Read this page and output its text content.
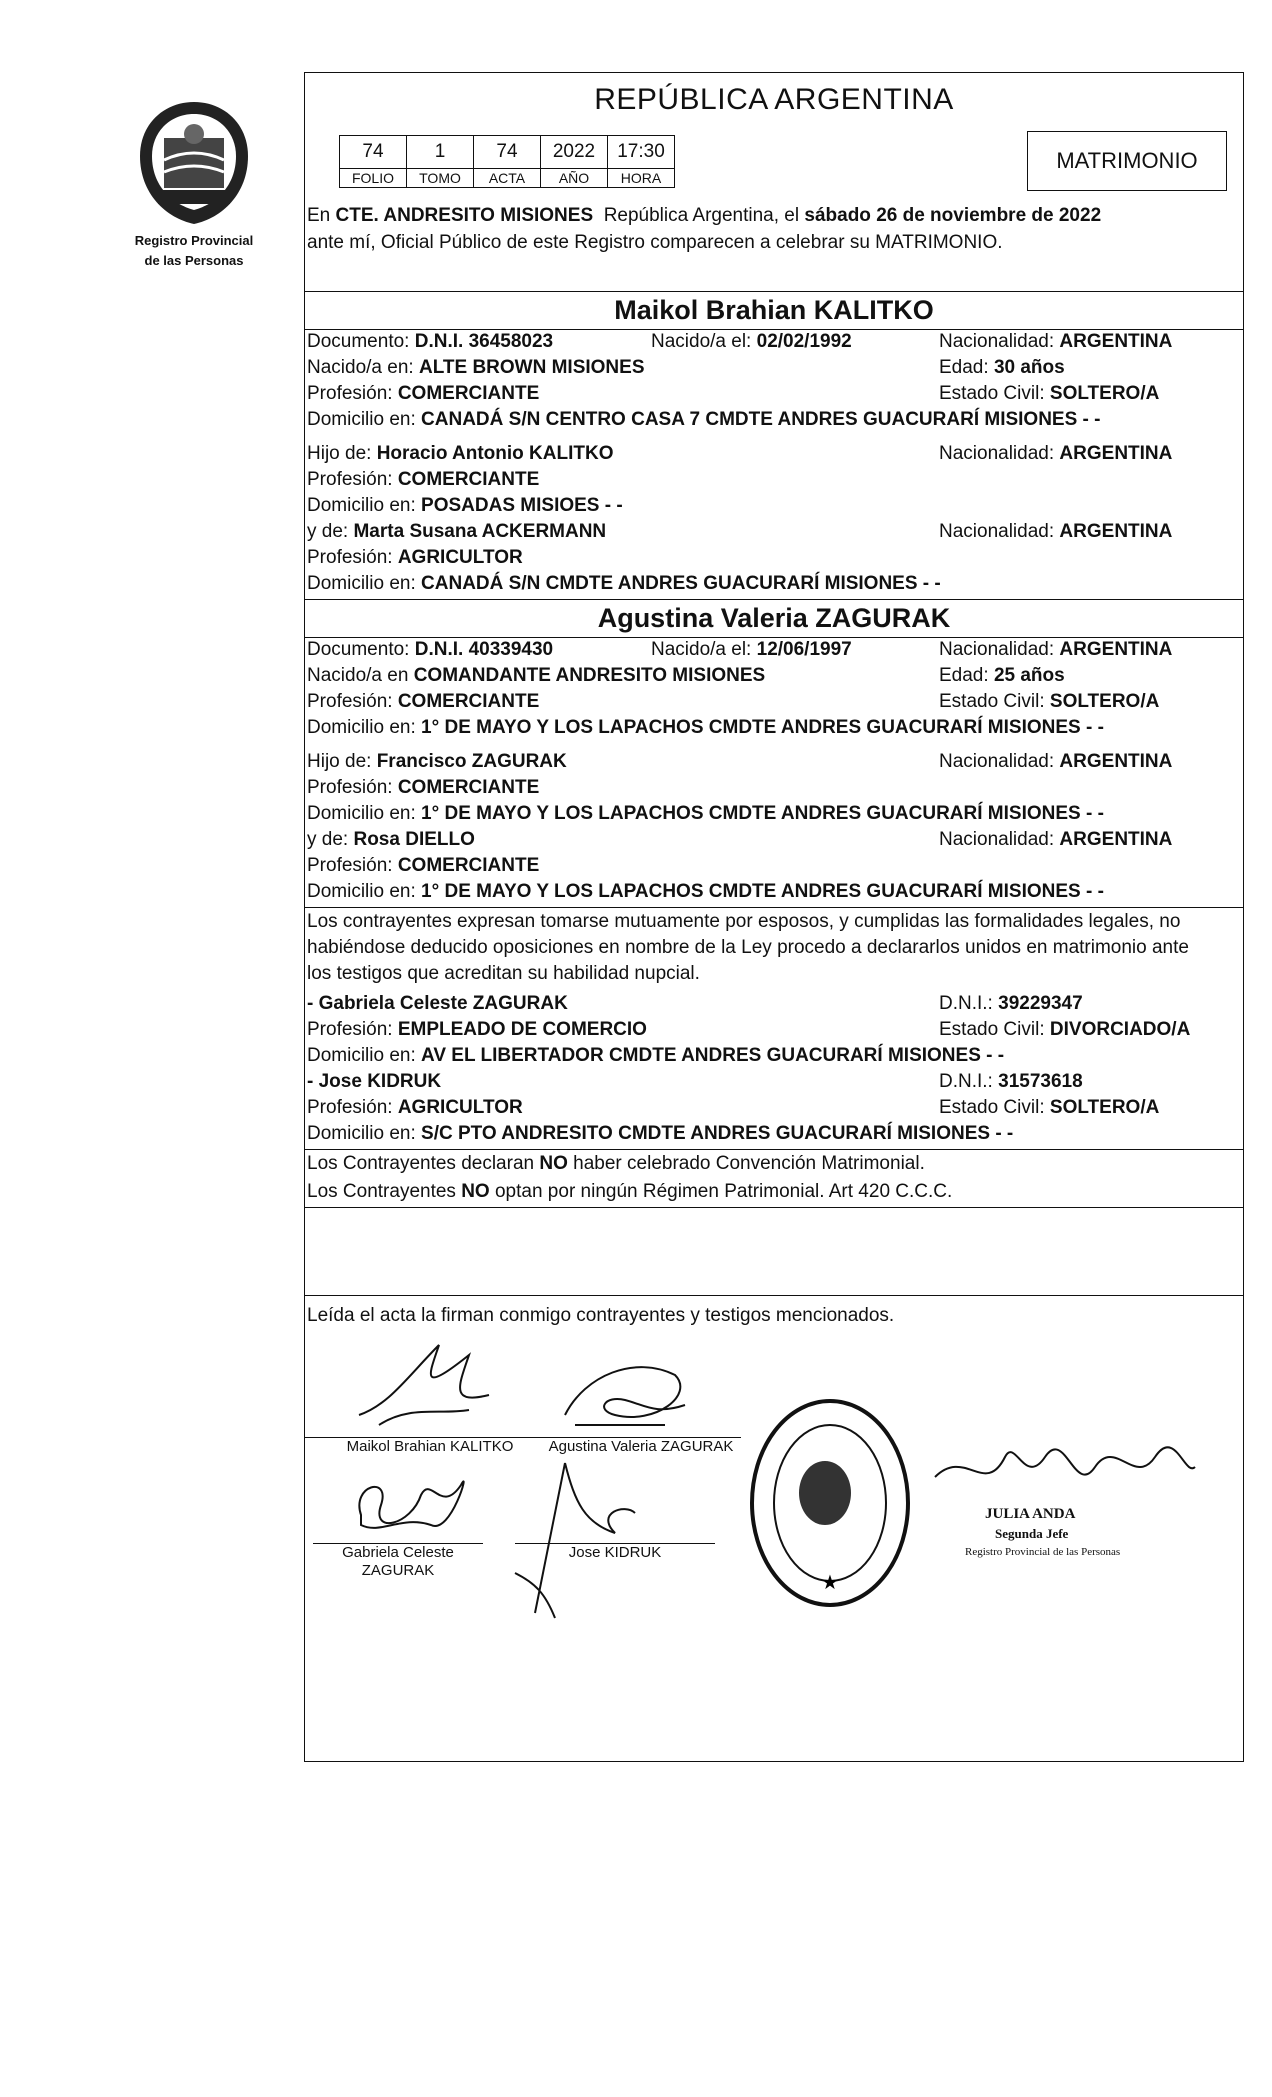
Registro Provincial
de las Personas
REPÚBLICA ARGENTINA
74	1	74	2022	17:30
FOLIO	TOMO	ACTA	AÑO	HORA
MATRIMONIO
En CTE. ANDRESITO MISIONES República Argentina, el sábado 26 de noviembre de 2022
ante mí, Oficial Público de este Registro comparecen a celebrar su MATRIMONIO.
Maikol Brahian KALITKO
Documento: D.N.I. 36458023	Nacido/a el: 02/02/1992	Nacionalidad: ARGENTINA
Nacido/a en: ALTE BROWN MISIONES	Edad: 30 años
Profesión: COMERCIANTE	Estado Civil: SOLTERO/A
Domicilio en: CANADÁ S/N CENTRO CASA 7 CMDTE ANDRES GUACURARÍ MISIONES - -
Hijo de: Horacio Antonio KALITKO	Nacionalidad: ARGENTINA
Profesión: COMERCIANTE
Domicilio en: POSADAS MISIOES - -
y de: Marta Susana ACKERMANN	Nacionalidad: ARGENTINA
Profesión: AGRICULTOR
Domicilio en: CANADÁ S/N CMDTE ANDRES GUACURARÍ MISIONES - -
Agustina Valeria ZAGURAK
Documento: D.N.I. 40339430	Nacido/a el: 12/06/1997	Nacionalidad: ARGENTINA
Nacido/a en COMANDANTE ANDRESITO MISIONES	Edad: 25 años
Profesión: COMERCIANTE	Estado Civil: SOLTERO/A
Domicilio en: 1° DE MAYO Y LOS LAPACHOS CMDTE ANDRES GUACURARÍ MISIONES - -
Hijo de: Francisco ZAGURAK	Nacionalidad: ARGENTINA
Profesión: COMERCIANTE
Domicilio en: 1° DE MAYO Y LOS LAPACHOS CMDTE ANDRES GUACURARÍ MISIONES - -
y de: Rosa DIELLO	Nacionalidad: ARGENTINA
Profesión: COMERCIANTE
Domicilio en: 1° DE MAYO Y LOS LAPACHOS CMDTE ANDRES GUACURARÍ MISIONES - -
Los contrayentes expresan tomarse mutuamente por esposos, y cumplidas las formalidades legales, no
habiéndose deducido oposiciones en nombre de la Ley procedo a declararlos unidos en matrimonio ante
los testigos que acreditan su habilidad nupcial.
- Gabriela Celeste ZAGURAK	D.N.I.: 39229347
Profesión: EMPLEADO DE COMERCIO	Estado Civil: DIVORCIADO/A
Domicilio en: AV EL LIBERTADOR CMDTE ANDRES GUACURARÍ MISIONES - -
- Jose KIDRUK	D.N.I.: 31573618
Profesión: AGRICULTOR	Estado Civil: SOLTERO/A
Domicilio en: S/C PTO ANDRESITO CMDTE ANDRES GUACURARÍ MISIONES - -
Los Contrayentes declaran NO haber celebrado Convención Matrimonial.
Los Contrayentes NO optan por ningún Régimen Patrimonial. Art 420 C.C.C.
Leída el acta la firman conmigo contrayentes y testigos mencionados.
Maikol Brahian KALITKO	Agustina Valeria ZAGURAK
Gabriela Celeste
ZAGURAK
Jose KIDRUK
★
JULIA ANDA
Segunda Jefe
Registro Provincial de las Personas
